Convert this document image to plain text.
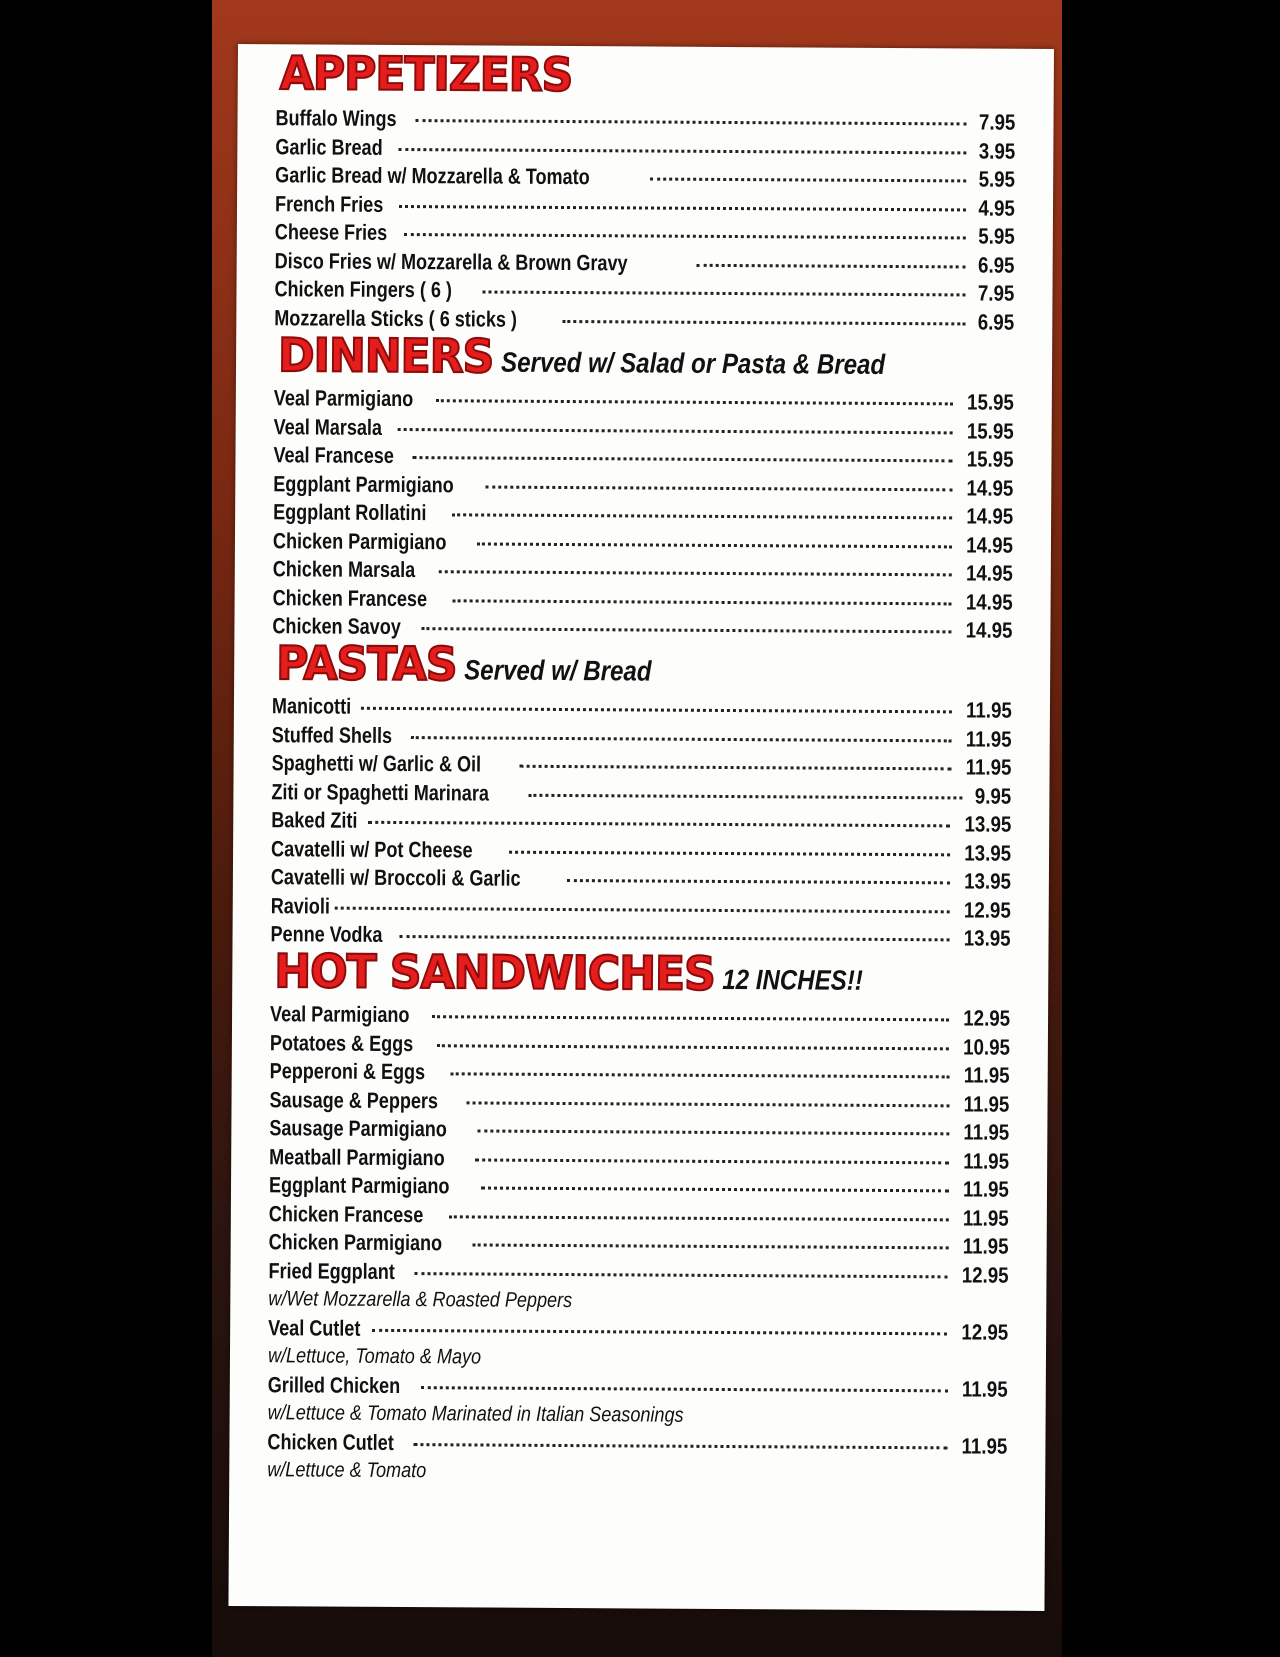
APPETIZERS
Buffalo Wings	7.95
Garlic Bread	3.95
Garlic Bread w/ Mozzarella & Tomato	5.95
French Fries	4.95
Cheese Fries	5.95
Disco Fries w/ Mozzarella & Brown Gravy	6.95
Chicken Fingers ( 6 )	7.95
Mozzarella Sticks ( 6 sticks )	6.95
DINNERS Served w/ Salad or Pasta & Bread
Veal Parmigiano	15.95
Veal Marsala	15.95
Veal Francese	15.95
Eggplant Parmigiano	14.95
Eggplant Rollatini	14.95
Chicken Parmigiano	14.95
Chicken Marsala	14.95
Chicken Francese	14.95
Chicken Savoy	14.95
PASTAS Served w/ Bread
Manicotti	11.95
Stuffed Shells	11.95
Spaghetti w/ Garlic & Oil	11.95
Ziti or Spaghetti Marinara	9.95
Baked Ziti	13.95
Cavatelli w/ Pot Cheese	13.95
Cavatelli w/ Broccoli & Garlic	13.95
Ravioli	12.95
Penne Vodka	13.95
HOT SANDWICHES 12 INCHES!!
Veal Parmigiano	12.95
Potatoes & Eggs	10.95
Pepperoni & Eggs	11.95
Sausage & Peppers	11.95
Sausage Parmigiano	11.95
Meatball Parmigiano	11.95
Eggplant Parmigiano	11.95
Chicken Francese	11.95
Chicken Parmigiano	11.95
Fried Eggplant	12.95
w/Wet Mozzarella & Roasted Peppers
Veal Cutlet	12.95
w/Lettuce, Tomato & Mayo
Grilled Chicken	11.95
w/Lettuce & Tomato Marinated in Italian Seasonings
Chicken Cutlet	11.95
w/Lettuce & Tomato
